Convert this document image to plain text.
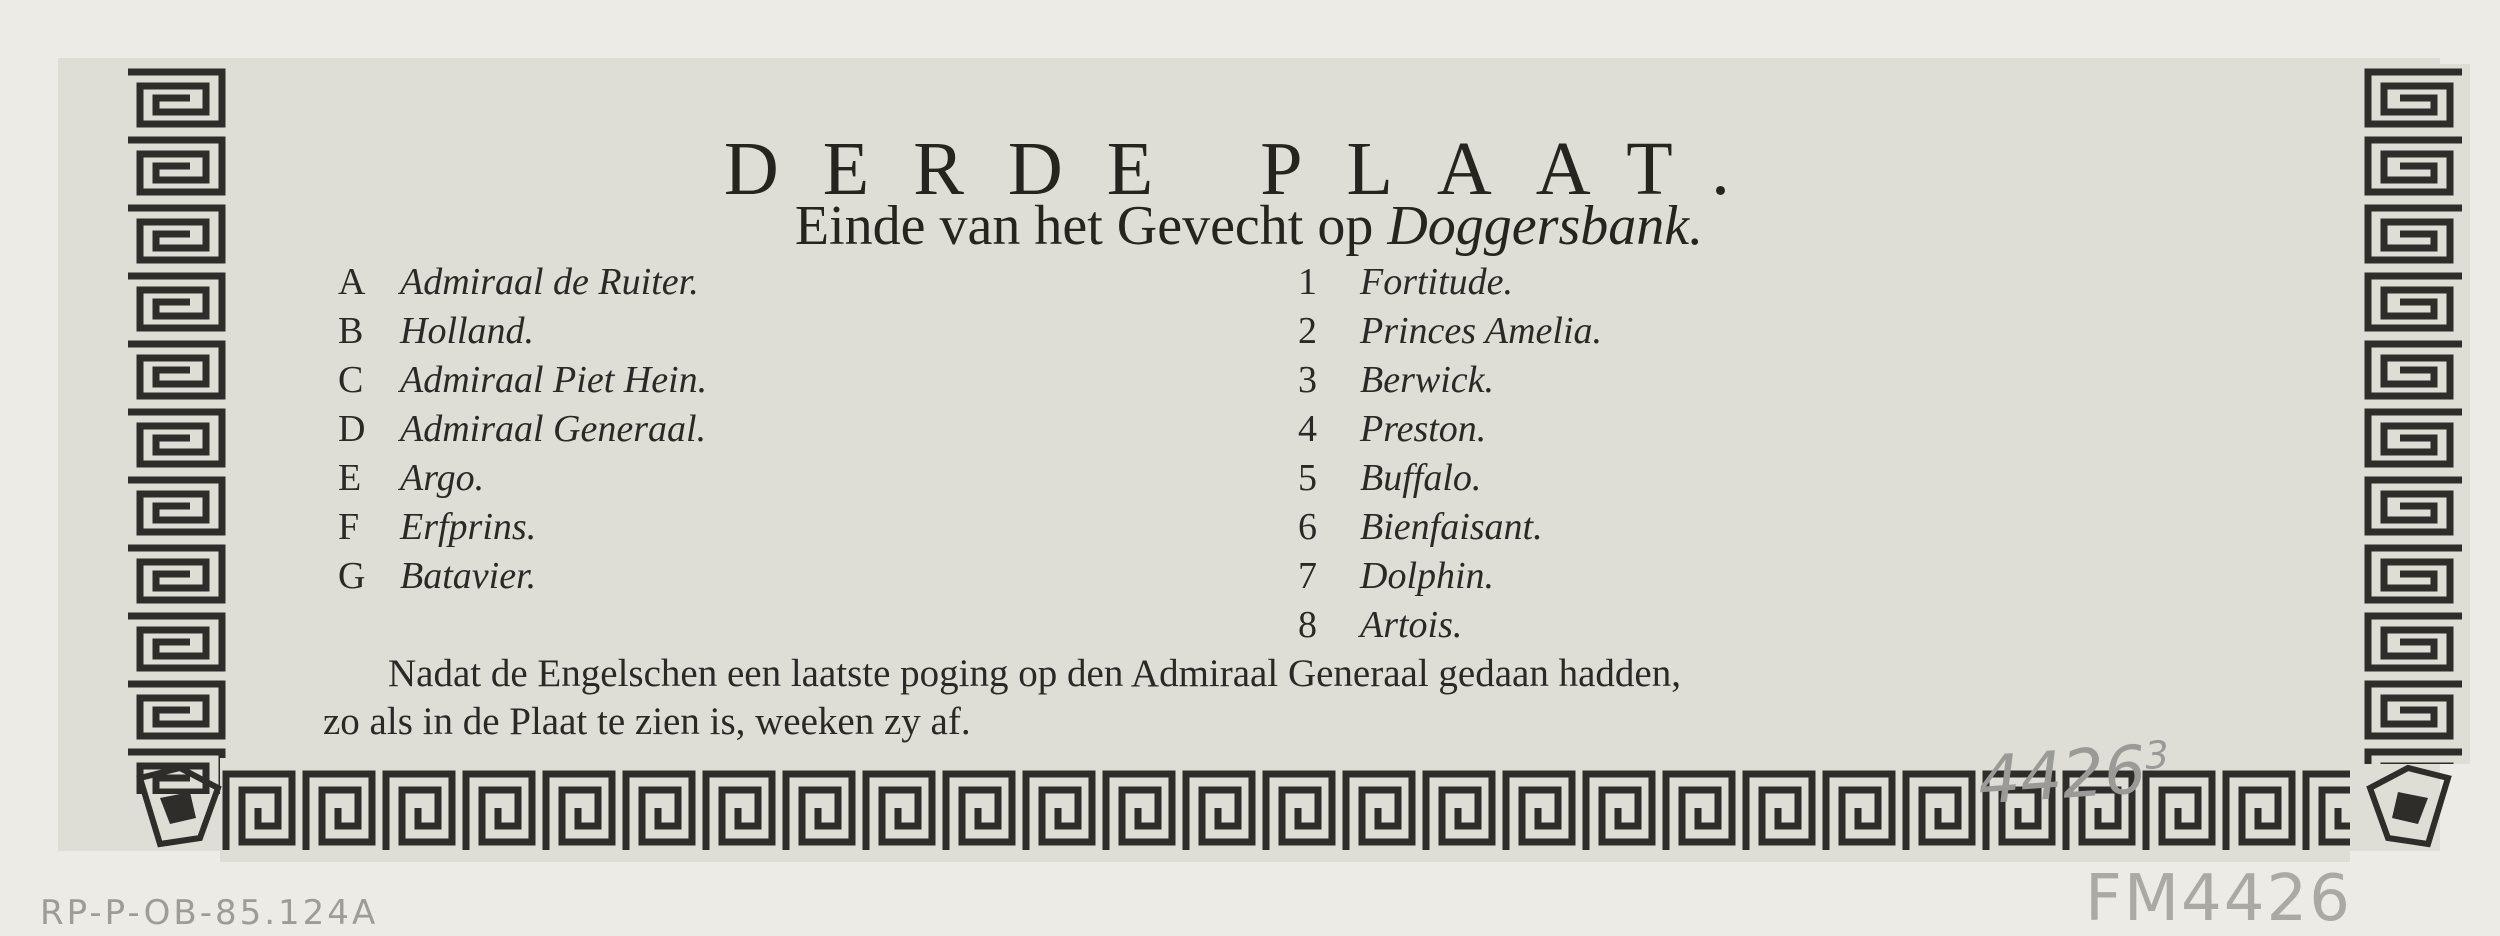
DERDE PLAAT.
Einde van het Gevecht op Doggersbank.
A Admiraal de Ruiter.
B Holland.
C Admiraal Piet Hein.
D Admiraal Generaal.
E	Argo.
F	Erfprins.
G Batavier.
1	Fortitude.
2	Princes Amelia.
3	Berwick.
4	Preston.
5	Buffalo.
6	Bienfaisant.
7	Dolphin.
8	Artois.
Nadat de Engelschen een laatste poging op den Admiraal Generaal gedaan hadden,
zo als in de Plaat te zien is, weeken zy af.
4426$^3$
RP-P-OB-85.124A	FM4426
